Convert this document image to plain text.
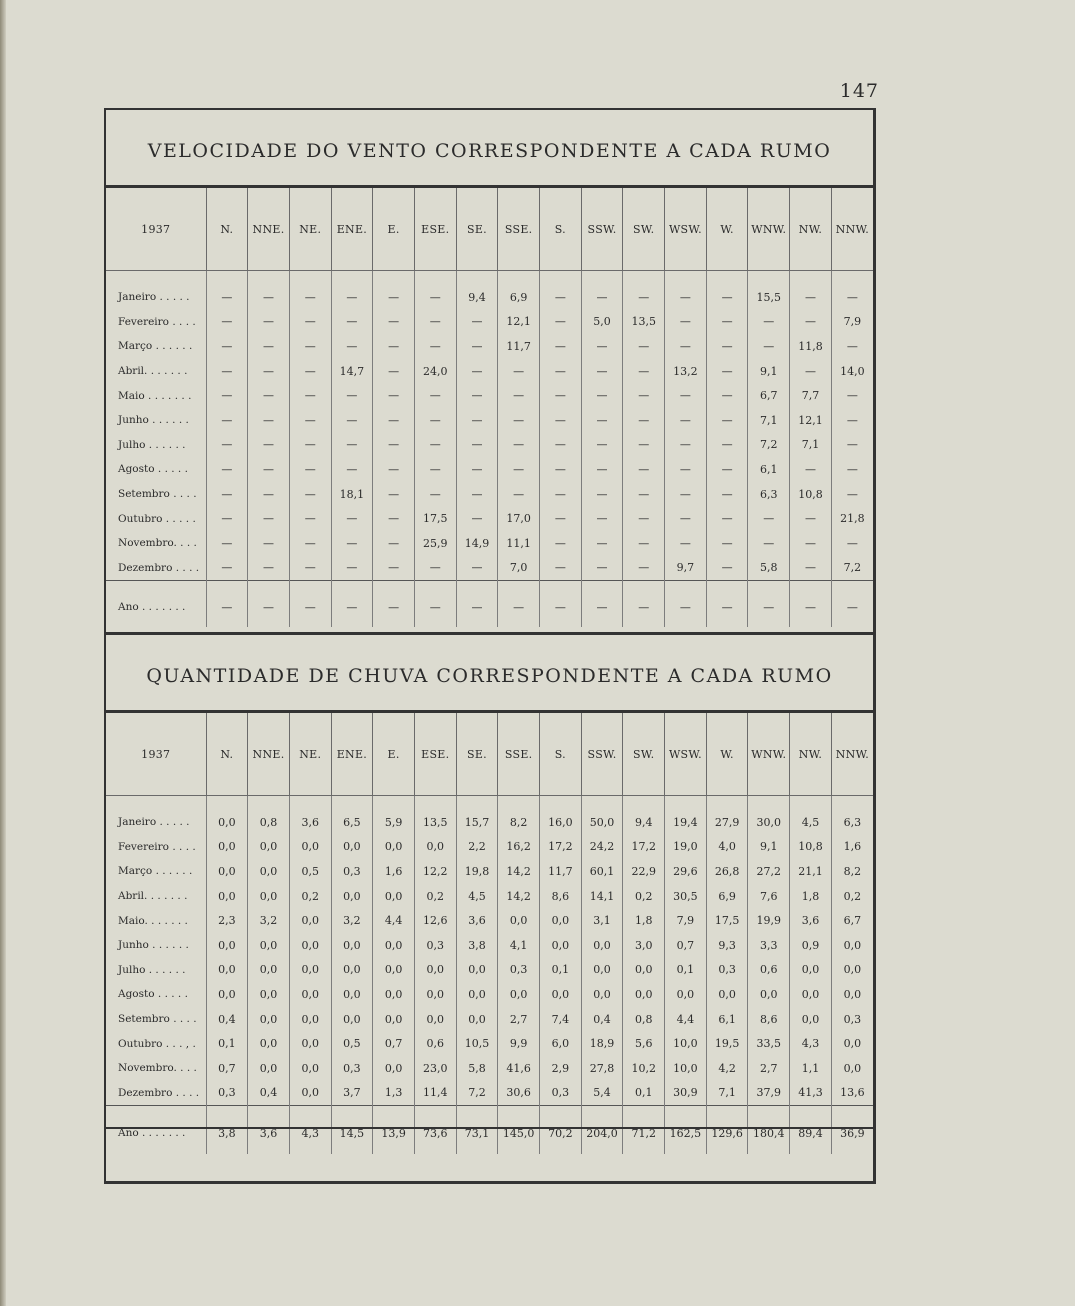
147
VELOCIDADE DO VENTO CORRESPONDENTE A CADA RUMO
1937	N.	NNE.	NE.	ENE.	E.	ESE.	SE.	SSE.	S.	SSW.	SW.	WSW.	W.	WNW.	NW.	NNW.
Janeiro . . . . .	—	—	—	—	—	—	9,4	6,9	—	—	—	—	—	15,5	—	—
Fevereiro . . . .	—	—	—	—	—	—	—	12,1	—	5,0	13,5	—	—	—	—	7,9
Março . . . . . .	—	—	—	—	—	—	—	11,7	—	—	—	—	—	—	11,8	—
Abril. . . . . . .	—	—	—	14,7	—	24,0	—	—	—	—	—	13,2	—	9,1	—	14,0
Maio . . . . . . .	—	—	—	—	—	—	—	—	—	—	—	—	—	6,7	7,7	—
Junho . . . . . .	—	—	—	—	—	—	—	—	—	—	—	—	—	7,1	12,1	—
Julho . . . . . .	—	—	—	—	—	—	—	—	—	—	—	—	—	7,2	7,1	—
Agosto . . . . .	—	—	—	—	—	—	—	—	—	—	—	—	—	6,1	—	—
Setembro . . . .	—	—	—	18,1	—	—	—	—	—	—	—	—	—	6,3	10,8	—
Outubro . . . . .	—	—	—	—	—	17,5	—	17,0	—	—	—	—	—	—	—	21,8
Novembro. . . .	—	—	—	—	—	25,9	14,9	11,1	—	—	—	—	—	—	—	—
Dezembro . . . .	—	—	—	—	—	—	—	7,0	—	—	—	9,7	—	5,8	—	7,2
Ano . . . . . . .	—	—	—	—	—	—	—	—	—	—	—	—	—	—	—	—
QUANTIDADE DE CHUVA CORRESPONDENTE A CADA RUMO
1937	N.	NNE.	NE.	ENE.	E.	ESE.	SE.	SSE.	S.	SSW.	SW.	WSW.	W.	WNW.	NW.	NNW.
Janeiro . . . . .	0,0	0,8	3,6	6,5	5,9	13,5	15,7	8,2	16,0	50,0	9,4	19,4	27,9	30,0	4,5	6,3
Fevereiro . . . .	0,0	0,0	0,0	0,0	0,0	0,0	2,2	16,2	17,2	24,2	17,2	19,0	4,0	9,1	10,8	1,6
Março . . . . . .	0,0	0,0	0,5	0,3	1,6	12,2	19,8	14,2	11,7	60,1	22,9	29,6	26,8	27,2	21,1	8,2
Abril. . . . . . .	0,0	0,0	0,2	0,0	0,0	0,2	4,5	14,2	8,6	14,1	0,2	30,5	6,9	7,6	1,8	0,2
Maio. . . . . . .	2,3	3,2	0,0	3,2	4,4	12,6	3,6	0,0	0,0	3,1	1,8	7,9	17,5	19,9	3,6	6,7
Junho . . . . . .	0,0	0,0	0,0	0,0	0,0	0,3	3,8	4,1	0,0	0,0	3,0	0,7	9,3	3,3	0,9	0,0
Julho . . . . . .	0,0	0,0	0,0	0,0	0,0	0,0	0,0	0,3	0,1	0,0	0,0	0,1	0,3	0,6	0,0	0,0
Agosto . . . . .	0,0	0,0	0,0	0,0	0,0	0,0	0,0	0,0	0,0	0,0	0,0	0,0	0,0	0,0	0,0	0,0
Setembro . . . .	0,4	0,0	0,0	0,0	0,0	0,0	0,0	2,7	7,4	0,4	0,8	4,4	6,1	8,6	0,0	0,3
Outubro . . . , .	0,1	0,0	0,0	0,5	0,7	0,6	10,5	9,9	6,0	18,9	5,6	10,0	19,5	33,5	4,3	0,0
Novembro. . . .	0,7	0,0	0,0	0,3	0,0	23,0	5,8	41,6	2,9	27,8	10,2	10,0	4,2	2,7	1,1	0,0
Dezembro . . . .	0,3	0,4	0,0	3,7	1,3	11,4	7,2	30,6	0,3	5,4	0,1	30,9	7,1	37,9	41,3	13,6
Ano . . . . . . .	3,8	3,6	4,3	14,5	13,9	73,6	73,1	145,0	70,2	204,0	71,2	162,5	129,6	180,4	89,4	36,9
